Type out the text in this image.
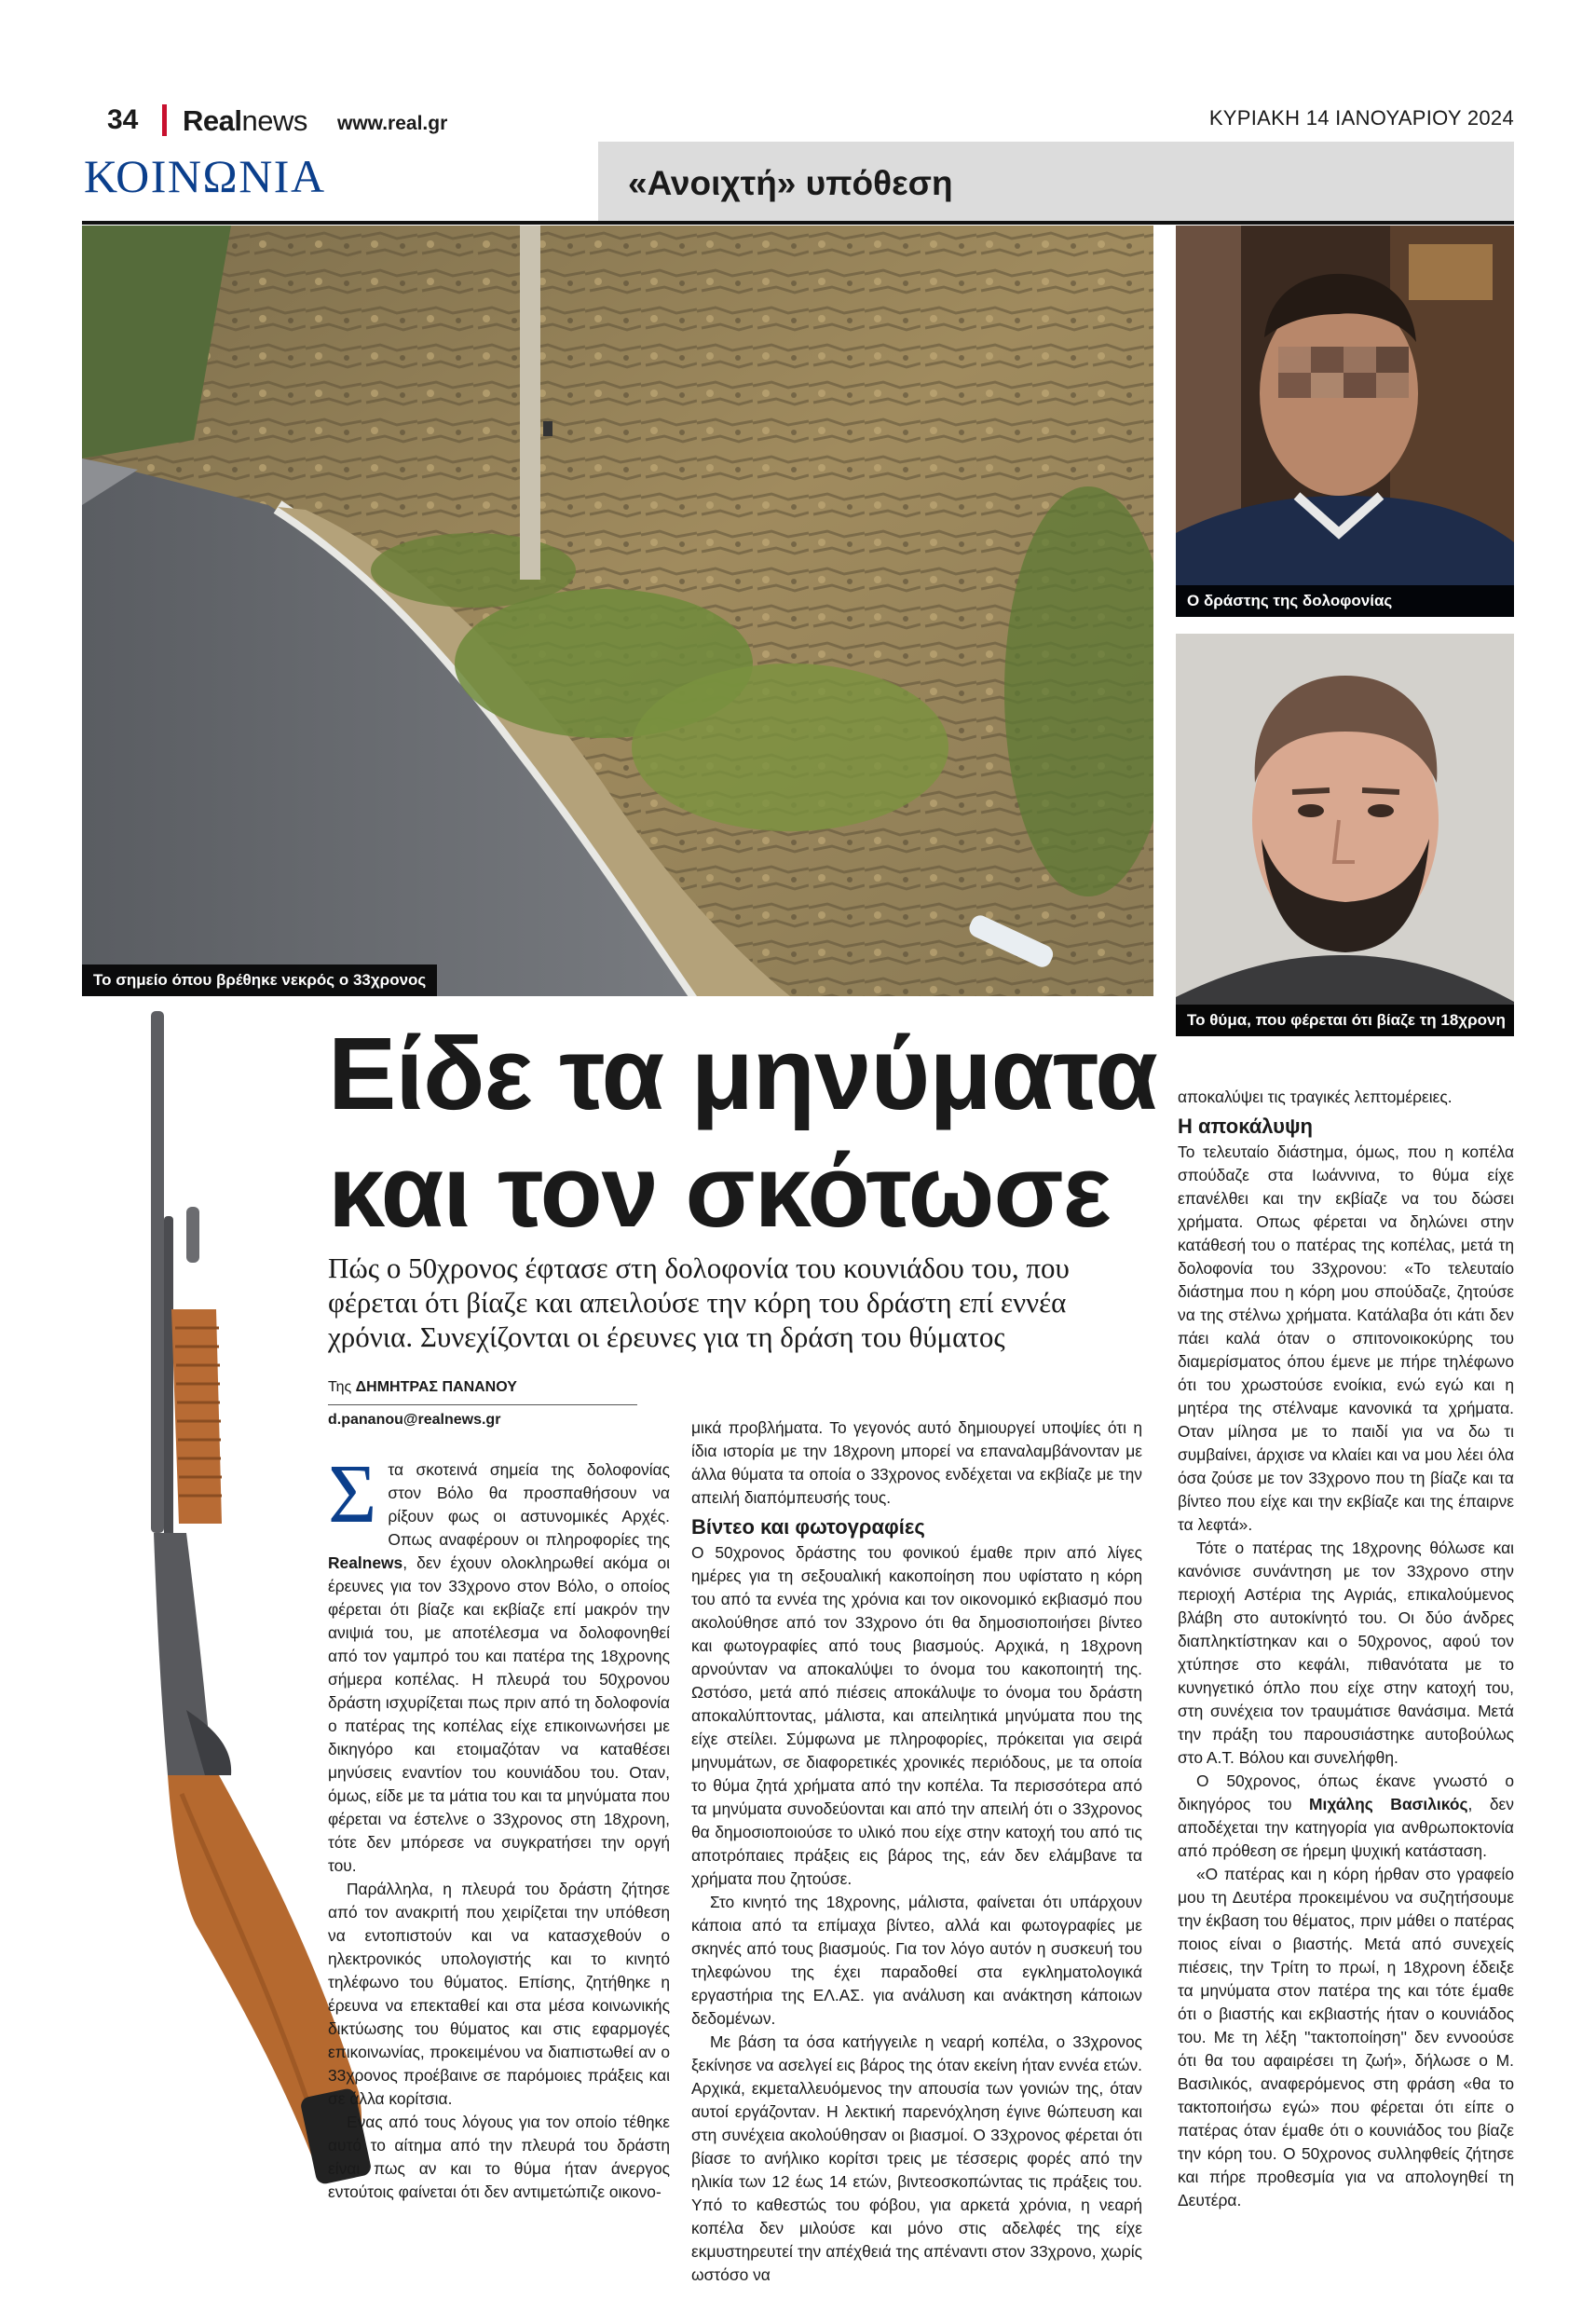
34 Realnews www.real.gr	ΚΥΡΙΑΚΗ 14 ΙΑΝΟΥΑΡΙΟΥ 2024
ΚΟΙΝΩΝΙΑ	«Ανοιχτή» υπόθεση
Το σημείο όπου βρέθηκε νεκρός ο 33χρονος
Ο δράστης της δολοφονίας
Το θύμα, που φέρεται ότι βίαζε τη 18χρονη
Είδε τα μηνύματα
και τον σκότωσε
Πώς ο 50χρονος έφτασε στη δολοφονία του κουνιάδου του, που φέρεται ότι βίαζε και απειλούσε την κόρη του δράστη επί εννέα χρόνια. Συνεχίζονται οι έρευνες για τη δράση του θύματος
Της ΔΗΜΗΤΡΑΣ ΠΑΝΑΝΟΥ
d.pananou@realnews.gr

Στα σκοτεινά σημεία της δολοφονίας στον Βόλο θα προσπαθήσουν να ρίξουν φως οι αστυνομικές Αρχές. Οπως αναφέρουν οι πληροφορίες της Realnews, δεν έχουν ολοκληρωθεί ακόμα οι έρευνες για τον 33χρονο στον Βόλο, ο οποίος φέρεται ότι βίαζε και εκβίαζε επί μακρόν την ανιψιά του, με αποτέλεσμα να δολοφονηθεί από τον γαμπρό του και πατέρα της 18χρονης σήμερα κοπέλας. Η πλευρά του 50χρονου δράστη ισχυρίζεται πως πριν από τη δολοφονία ο πατέρας της κοπέλας είχε επικοινωνήσει με δικηγόρο και ετοιμαζόταν να καταθέσει μηνύσεις εναντίον του κουνιάδου του. Οταν, όμως, είδε με τα μάτια του και τα μηνύματα που φέρεται να έστελνε ο 33χρονος στη 18χρονη, τότε δεν μπόρεσε να συγκρατήσει την οργή του.

Παράλληλα, η πλευρά του δράστη ζήτησε από τον ανακριτή που χειρίζεται την υπόθεση να εντοπιστούν και να κατασχεθούν ο ηλεκτρονικός υπολογιστής και το κινητό τηλέφωνο του θύματος. Επίσης, ζητήθηκε η έρευνα να επεκταθεί και στα μέσα κοινωνικής δικτύωσης του θύματος και στις εφαρμογές επικοινωνίας, προκειμένου να διαπιστωθεί αν ο 33χρονος προέβαινε σε παρόμοιες πράξεις και σε άλλα κορίτσια.

Ενας από τους λόγους για τον οποίο τέθηκε αυτό το αίτημα από την πλευρά του δράστη είναι πως αν και το θύμα ήταν άνεργος εντούτοις φαίνεται ότι δεν αντιμετώπιζε οικονο-

μικά προβλήματα. Το γεγονός αυτό δημιουργεί υποψίες ότι η ίδια ιστορία με την 18χρονη μπορεί να επαναλαμβάνονταν με άλλα θύματα τα οποία ο 33χρονος ενδέχεται να εκβίαζε με την απειλή διαπόμπευσής τους.

Βίντεο και φωτογραφίες

Ο 50χρονος δράστης του φονικού έμαθε πριν από λίγες ημέρες για τη σεξουαλική κακοποίηση που υφίστατο η κόρη του από τα εννέα της χρόνια και τον οικονομικό εκβιασμό που ακολούθησε από τον 33χρονο ότι θα δημοσιοποιήσει βίντεο και φωτογραφίες από τους βιασμούς. Αρχικά, η 18χρονη αρνούνταν να αποκαλύψει το όνομα του κακοποιητή της. Ωστόσο, μετά από πιέσεις αποκάλυψε το όνομα του δράστη αποκαλύπτοντας, μάλιστα, και απειλητικά μηνύματα που της είχε στείλει. Σύμφωνα με πληροφορίες, πρόκειται για σειρά μηνυμάτων, σε διαφορετικές χρονικές περιόδους, με τα οποία το θύμα ζητά χρήματα από την κοπέλα. Τα περισσότερα από τα μηνύματα συνοδεύονται και από την απειλή ότι ο 33χρονος θα δημοσιοποιούσε το υλικό που είχε στην κατοχή του από τις αποτρόπαιες πράξεις εις βάρος της, εάν δεν ελάμβανε τα χρήματα που ζητούσε.

Στο κινητό της 18χρονης, μάλιστα, φαίνεται ότι υπάρχουν κάποια από τα επίμαχα βίντεο, αλλά και φωτογραφίες με σκηνές από τους βιασμούς. Για τον λόγο αυτόν η συσκευή του τηλεφώνου της έχει παραδοθεί στα εγκληματολογικά εργαστήρια της ΕΛ.ΑΣ. για ανάλυση και ανάκτηση κάποιων δεδομένων.

Με βάση τα όσα κατήγγειλε η νεαρή κοπέλα, ο 33χρονος ξεκίνησε να ασελγεί εις βάρος της όταν εκείνη ήταν εννέα ετών. Αρχικά, εκμεταλλευόμενος την απουσία των γονιών της, όταν αυτοί εργάζονταν. Η λεκτική παρενόχληση έγινε θώπευση και στη συνέχεια ακολούθησαν οι βιασμοί. Ο 33χρονος φέρεται ότι βίασε το ανήλικο κορίτσι τρεις με τέσσερις φορές από την ηλικία των 12 έως 14 ετών, βιντεοσκοπώντας τις πράξεις του. Υπό το καθεστώς του φόβου, για αρκετά χρόνια, η νεαρή κοπέλα δεν μιλούσε και μόνο στις αδελφές της είχε εκμυστηρευτεί την απέχθειά της απέναντι στον 33χρονο, χωρίς ωστόσο να

αποκαλύψει τις τραγικές λεπτομέρειες.

Η αποκάλυψη

Το τελευταίο διάστημα, όμως, που η κοπέλα σπούδαζε στα Ιωάννινα, το θύμα είχε επανέλθει και την εκβίαζε να του δώσει χρήματα. Οπως φέρεται να δηλώνει στην κατάθεσή του ο πατέρας της κοπέλας, μετά τη δολοφονία του 33χρονου: «Το τελευταίο διάστημα που η κόρη μου σπούδαζε, ζητούσε να της στέλνω χρήματα. Κατάλαβα ότι κάτι δεν πάει καλά όταν ο σπιτονοικοκύρης του διαμερίσματος όπου έμενε με πήρε τηλέφωνο ότι του χρωστούσε ενοίκια, ενώ εγώ και η μητέρα της στέλναμε κανονικά τα χρήματα. Οταν μίλησα με το παιδί για να δω τι συμβαίνει, άρχισε να κλαίει και να μου λέει όλα όσα ζούσε με τον 33χρονο που τη βίαζε και τα βίντεο που είχε και την εκβίαζε και της έπαιρνε τα λεφτά».

Τότε ο πατέρας της 18χρονης θόλωσε και κανόνισε συνάντηση με τον 33χρονο στην περιοχή Αστέρια της Αγριάς, επικαλούμενος βλάβη στο αυτοκίνητό του. Οι δύο άνδρες διαπληκτίστηκαν και ο 50χρονος, αφού τον χτύπησε στο κεφάλι, πιθανότατα με το κυνηγετικό όπλο που είχε στην κατοχή του, στη συνέχεια τον τραυμάτισε θανάσιμα. Μετά την πράξη του παρουσιάστηκε αυτοβούλως στο Α.Τ. Βόλου και συνελήφθη.

Ο 50χρονος, όπως έκανε γνωστό ο δικηγόρος του Μιχάλης Βασιλικός, δεν αποδέχεται την κατηγορία για ανθρωποκτονία από πρόθεση σε ήρεμη ψυχική κατάσταση.

«Ο πατέρας και η κόρη ήρθαν στο γραφείο μου τη Δευτέρα προκειμένου να συζητήσουμε την έκβαση του θέματος, πριν μάθει ο πατέρας ποιος είναι ο βιαστής. Μετά από συνεχείς πιέσεις, την Τρίτη το πρωί, η 18χρονη έδειξε τα μηνύματα στον πατέρα της και τότε έμαθε ότι ο βιαστής και εκβιαστής ήταν ο κουνιάδος του. Με τη λέξη ''τακτοποίηση'' δεν εννοούσε ότι θα του αφαιρέσει τη ζωή», δήλωσε ο Μ. Βασιλικός, αναφερόμενος στη φράση «θα το τακτοποιήσω εγώ» που φέρεται ότι είπε ο πατέρας όταν έμαθε ότι ο κουνιάδος του βίαζε την κόρη του. Ο 50χρονος συλληφθείς ζήτησε και πήρε προθεσμία για να απολογηθεί τη Δευτέρα.
